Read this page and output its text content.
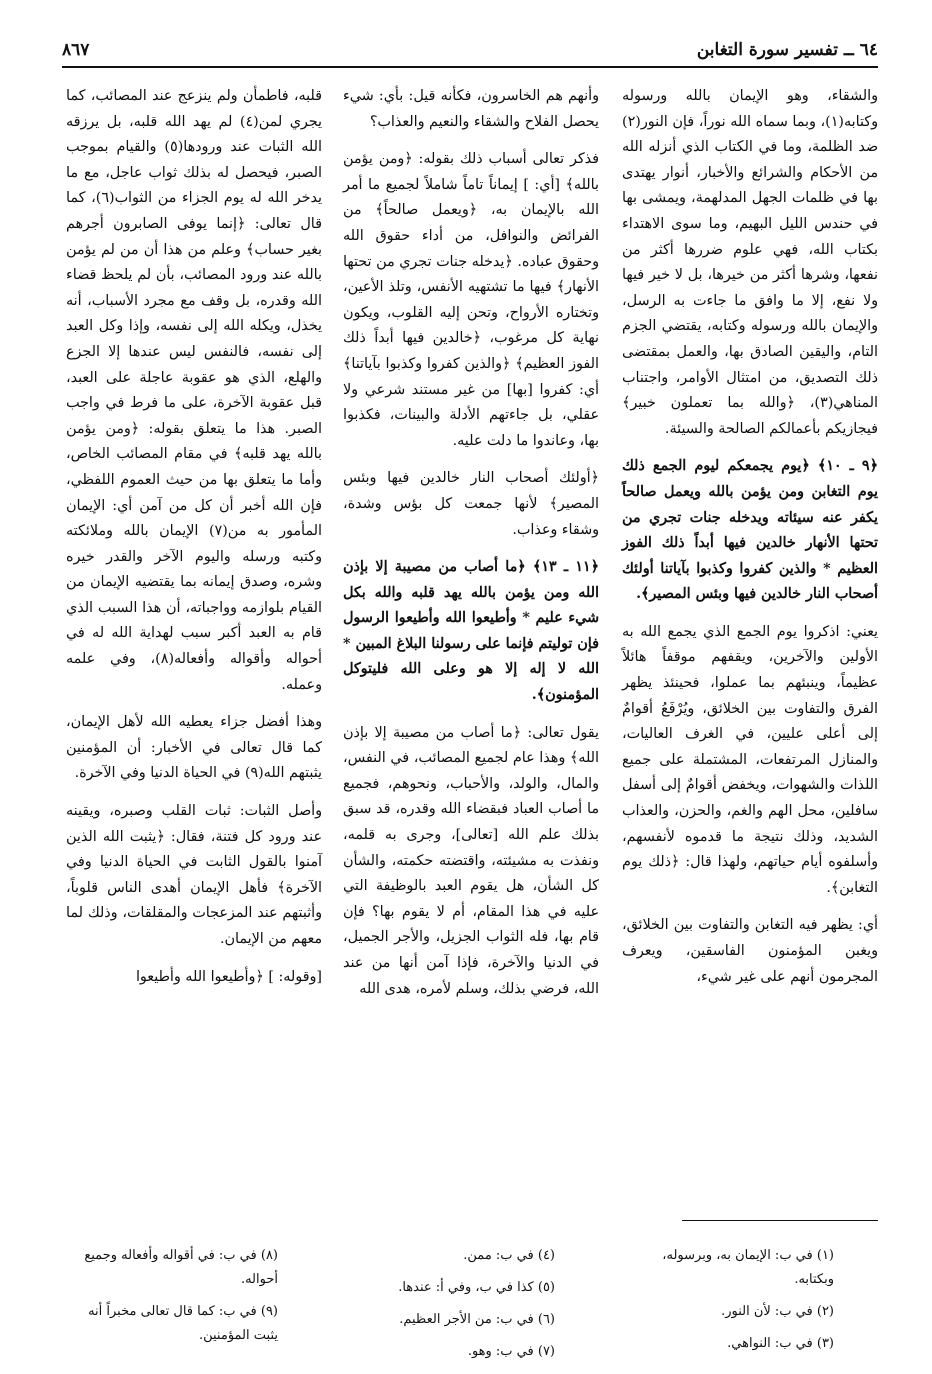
٦٤ ــ تفسير سورة التغابن
٨٦٧

والشقاء، وهو الإيمان بالله ورسوله وكتابه(١)، وبما سماه الله نوراً، فإن النور(٢) ضد الظلمة، وما في الكتاب الذي أنزله الله من الأحكام والشرائع والأخبار، أنوار يهتدى بها في ظلمات الجهل المدلهمة، ويمشى بها في حندس الليل البهيم، وما سوى الاهتداء بكتاب الله، فهي علوم ضررها أكثر من نفعها، وشرها أكثر من خيرها، بل لا خير فيها ولا نفع، إلا ما وافق ما جاءت به الرسل، والإيمان بالله ورسوله وكتابه، يقتضي الجزم التام، واليقين الصادق بها، والعمل بمقتضى ذلك التصديق، من امتثال الأوامر، واجتناب المناهي(٣)، ﴿والله بما تعملون خبير﴾ فيجازيكم بأعمالكم الصالحة والسيئة.

﴿٩ ـ ١٠﴾ ﴿يوم يجمعكم ليوم الجمع ذلك يوم التغابن ومن يؤمن بالله ويعمل صالحاً يكفر عنه سيئاته ويدخله جنات تجري من تحتها الأنهار خالدين فيها أبداً ذلك الفوز العظيم * والذين كفروا وكذبوا بآياتنا أولئك أصحاب النار خالدين فيها وبئس المصير﴾.

يعني: اذكروا يوم الجمع الذي يجمع الله به الأولين والآخرين، ويقفهم موقفاً هائلاً عظيماً، وينبئهم بما عملوا، فحينئذ يظهر الفرق والتفاوت بين الخلائق، ويُرْفَعُ أقوامٌ إلى أعلى عليين، في الغرف العاليات، والمنازل المرتفعات، المشتملة على جميع اللذات والشهوات، ويخفض أقوامٌ إلى أسفل سافلين، محل الهم والغم، والحزن، والعذاب الشديد، وذلك نتيجة ما قدموه لأنفسهم، وأسلفوه أيام حياتهم، ولهذا قال: ﴿ذلك يوم التغابن﴾.

أي: يظهر فيه التغابن والتفاوت بين الخلائق، ويغبن المؤمنون الفاسقين، ويعرف المجرمون أنهم على غير شيء،

وأنهم هم الخاسرون، فكأنه قيل: بأي: شيء يحصل الفلاح والشقاء والنعيم والعذاب؟

فذكر تعالى أسباب ذلك بقوله: ﴿ومن يؤمن بالله﴾ [أي: ] إيماناً تاماً شاملاً لجميع ما أمر الله بالإيمان به، ﴿ويعمل صالحاً﴾ من الفرائض والنوافل، من أداء حقوق الله وحقوق عباده. ﴿يدخله جنات تجري من تحتها الأنهار﴾ فيها ما تشتهيه الأنفس، وتلذ الأعين، وتختاره الأرواح، وتحن إليه القلوب، ويكون نهاية كل مرغوب، ﴿خالدين فيها أبداً ذلك الفوز العظيم﴾ ﴿والذين كفروا وكذبوا بآياتنا﴾ أي: كفروا [بها] من غير مستند شرعي ولا عقلي، بل جاءتهم الأدلة والبينات، فكذبوا بها، وعاندوا ما دلت عليه.

﴿أولئك أصحاب النار خالدين فيها وبئس المصير﴾ لأنها جمعت كل بؤس وشدة، وشقاء وعذاب.

﴿١١ ـ ١٣﴾ ﴿ما أصاب من مصيبة إلا بإذن الله ومن يؤمن بالله يهد قلبه والله بكل شيء عليم * وأطيعوا الله وأطيعوا الرسول فإن توليتم فإنما على رسولنا البلاغ المبين * الله لا إله إلا هو وعلى الله فليتوكل المؤمنون﴾.

يقول تعالى: ﴿ما أصاب من مصيبة إلا بإذن الله﴾ وهذا عام لجميع المصائب، في النفس، والمال، والولد، والأحباب، ونحوهم، فجميع ما أصاب العباد فبقضاء الله وقدره، قد سبق بذلك علم الله [تعالى]، وجرى به قلمه، ونفذت به مشيئته، واقتضته حكمته، والشأن كل الشأن، هل يقوم العبد بالوظيفة التي عليه في هذا المقام، أم لا يقوم بها؟ فإن قام بها، فله الثواب الجزيل، والأجر الجميل، في الدنيا والآخرة، فإذا آمن أنها من عند الله، فرضي بذلك، وسلم لأمره، هدى الله

قلبه، فاطمأن ولم ينزعج عند المصائب، كما يجري لمن(٤) لم يهد الله قلبه، بل يرزقه الله الثبات عند ورودها(٥) والقيام بموجب الصبر، فيحصل له بذلك ثواب عاجل، مع ما يدخر الله له يوم الجزاء من الثواب(٦)، كما قال تعالى: ﴿إنما يوفى الصابرون أجرهم بغير حساب﴾ وعلم من هذا أن من لم يؤمن بالله عند ورود المصائب، بأن لم يلحظ قضاء الله وقدره، بل وقف مع مجرد الأسباب، أنه يخذل، ويكله الله إلى نفسه، وإذا وكل العبد إلى نفسه، فالنفس ليس عندها إلا الجزع والهلع، الذي هو عقوبة عاجلة على العبد، قبل عقوبة الآخرة، على ما فرط في واجب الصبر. هذا ما يتعلق بقوله: ﴿ومن يؤمن بالله يهد قلبه﴾ في مقام المصائب الخاص، وأما ما يتعلق بها من حيث العموم اللفظي، فإن الله أخبر أن كل من آمن أي: الإيمان المأمور به من(٧) الإيمان بالله وملائكته وكتبه ورسله واليوم الآخر والقدر خيره وشره، وصدق إيمانه بما يقتضيه الإيمان من القيام بلوازمه وواجباته، أن هذا السبب الذي قام به العبد أكبر سبب لهداية الله له في أحواله وأقواله وأفعاله(٨)، وفي علمه وعمله.

وهذا أفضل جزاء يعطيه الله لأهل الإيمان، كما قال تعالى في الأخبار: أن المؤمنين يثبتهم الله(٩) في الحياة الدنيا وفي الآخرة.

وأصل الثبات: ثبات القلب وصبره، ويقينه عند ورود كل فتنة، فقال: ﴿يثبت الله الذين آمنوا بالقول الثابت في الحياة الدنيا وفي الآخرة﴾ فأهل الإيمان أهدى الناس قلوباً، وأثبتهم عند المزعجات والمقلقات، وذلك لما معهم من الإيمان.

[وقوله: ] ﴿وأطيعوا الله وأطيعوا

(١) في ب: الإيمان به، وبرسوله، وبكتابه.
(٢) في ب: لأن النور.
(٣) في ب: النواهي.
(٤) في ب: ممن.
(٥) كذا في ب، وفي أ: عندها.
(٦) في ب: من الأجر العظيم.
(٧) في ب: وهو.
(٨) في ب: في أقواله وأفعاله وجميع أحواله.
(٩) في ب: كما قال تعالى مخبراً أنه يثبت المؤمنين.
